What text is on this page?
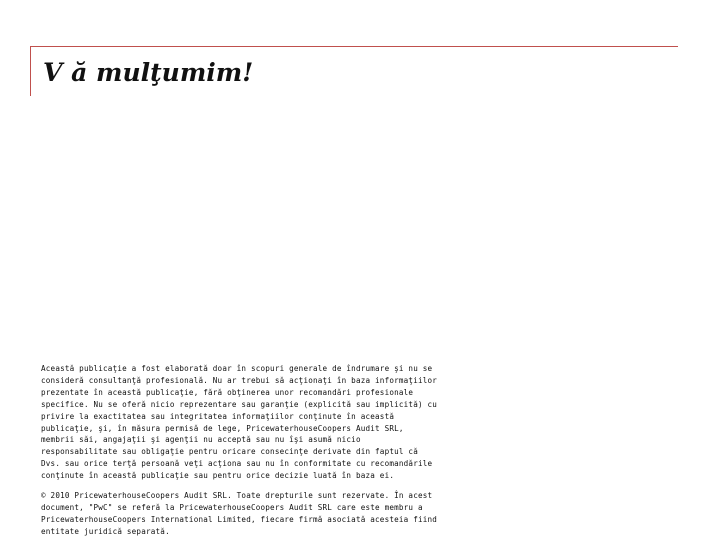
V ă mulţumim!

Această publicaţie a fost elaborată doar în scopuri generale de îndrumare şi nu se consideră consultanţă profesională. Nu ar trebui să acţionaţi în baza informaţiilor prezentate în această publicaţie, fără obţinerea unor recomandări profesionale specifice. Nu se oferă nicio reprezentare sau garanţie (explicită sau implicită) cu privire la exactitatea sau integritatea informaţiilor conţinute în această publicaţie, şi, în măsura permisă de lege, PricewaterhouseCoopers Audit SRL, membrii săi, angajaţii şi agenţii nu acceptă sau nu îşi asumă nicio responsabilitate sau obligaţie pentru oricare consecinţe derivate din faptul că Dvs. sau orice terţă persoană veţi acţiona sau nu în conformitate cu recomandările conţinute în această publicaţie sau pentru orice decizie luată în baza ei.

© 2010 PricewaterhouseCoopers Audit SRL. Toate drepturile sunt rezervate. În acest document, "PwC" se referă la PricewaterhouseCoopers Audit SRL care este membru a PricewaterhouseCoopers International Limited, fiecare firmă asociată acesteia fiind entitate juridică separată.
